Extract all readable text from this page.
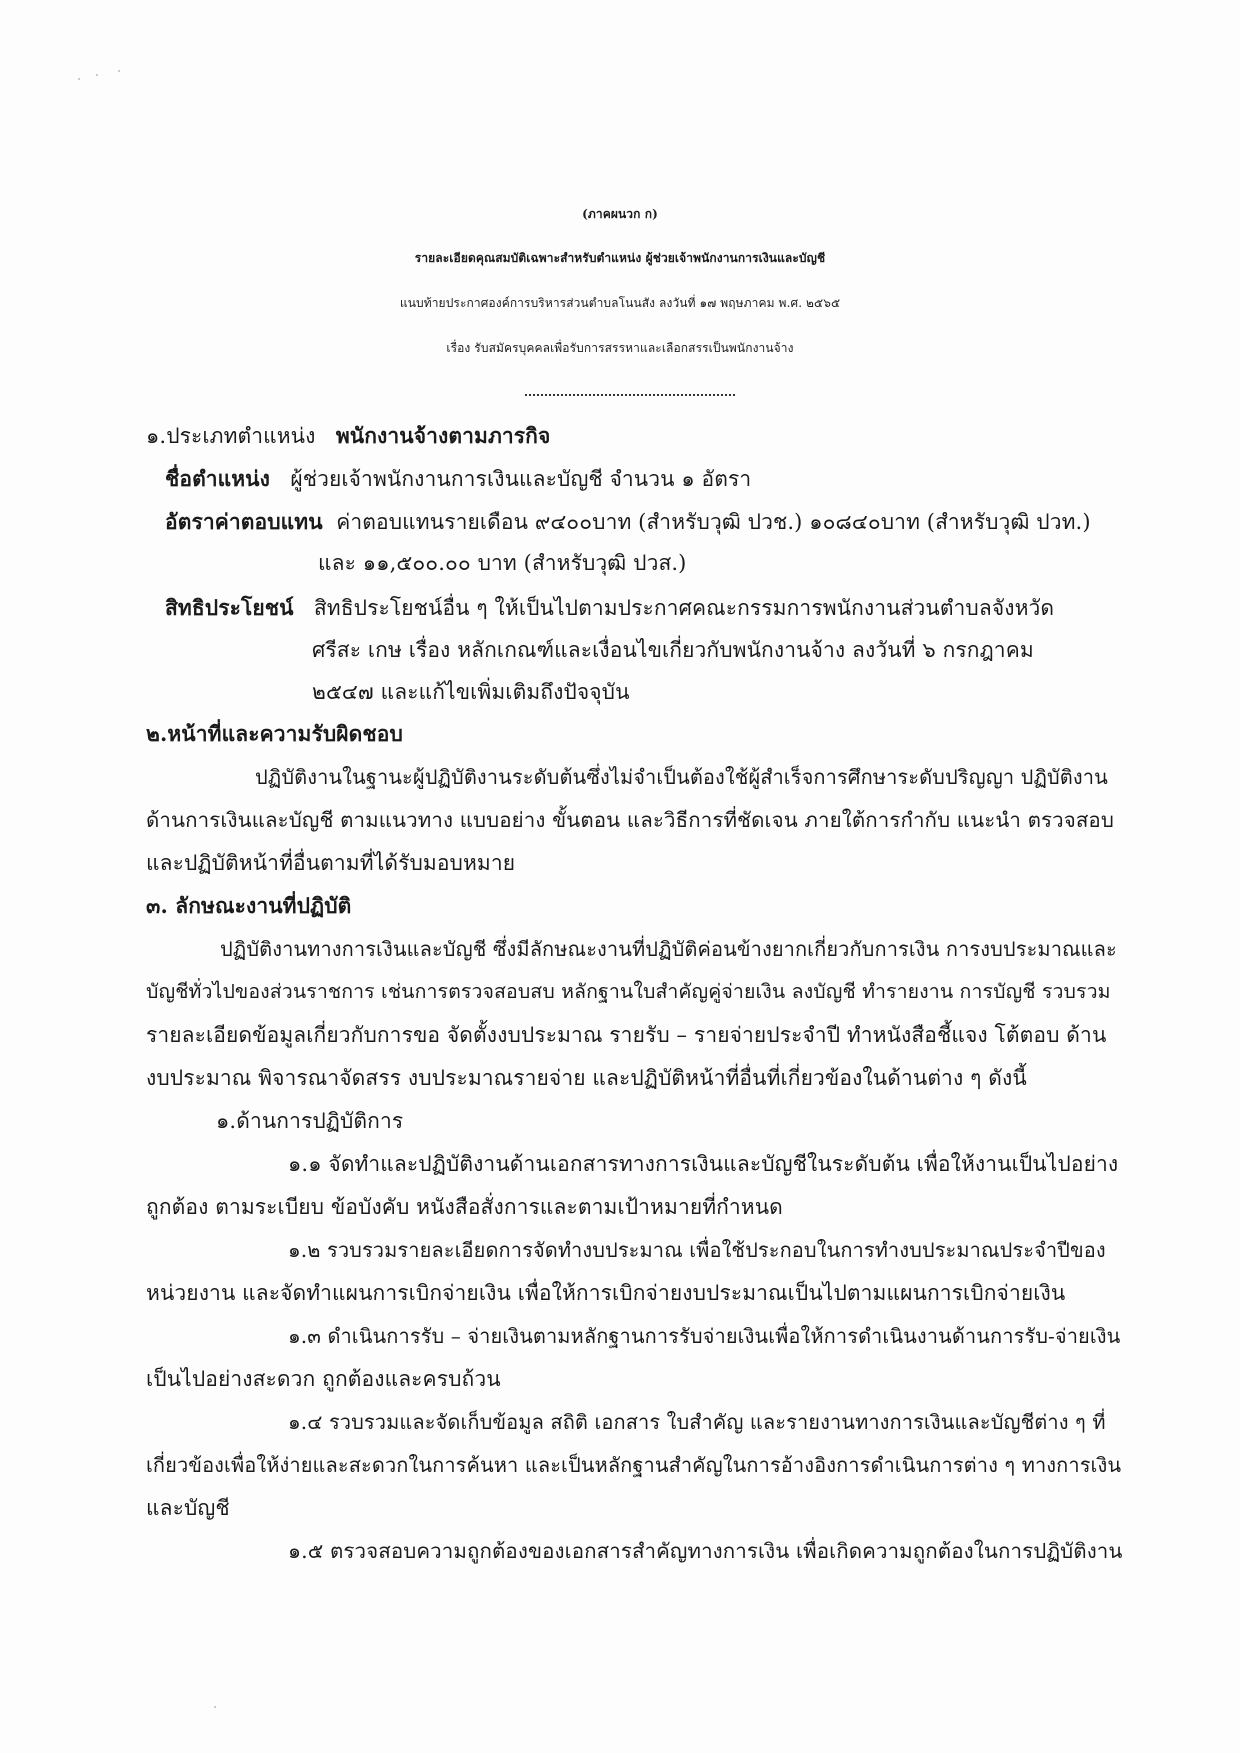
(ภาคผนวก ก)
รายละเอียดคุณสมบัติเฉพาะสำหรับตำแหน่ง ผู้ช่วยเจ้าพนักงานการเงินและบัญชี
แนบท้ายประกาศองค์การบริหารส่วนตำบลโนนสัง ลงวันที่ ๑๗ พฤษภาคม พ.ศ. ๒๕๖๕
เรื่อง รับสมัครบุคคลเพื่อรับการสรรหาและเลือกสรรเป็นพนักงานจ้าง
๑.ประเภทตำแหน่ง พนักงานจ้างตามภารกิจ
ชื่อตำแหน่ง ผู้ช่วยเจ้าพนักงานการเงินและบัญชี จำนวน ๑ อัตรา
อัตราค่าตอบแทน ค่าตอบแทนรายเดือน ๙๔๐๐บาท (สำหรับวุฒิ ปวช.) ๑๐๘๔๐บาท (สำหรับวุฒิ ปวท.)
และ ๑๑,๕๐๐.๐๐ บาท (สำหรับวุฒิ ปวส.)
สิทธิประโยชน์ สิทธิประโยชน์อื่น ๆ ให้เป็นไปตามประกาศคณะกรรมการพนักงานส่วนตำบลจังหวัด
ศรีสะ เกษ เรื่อง หลักเกณฑ์และเงื่อนไขเกี่ยวกับพนักงานจ้าง ลงวันที่ ๖ กรกฎาคม
๒๕๔๗ และแก้ไขเพิ่มเติมถึงปัจจุบัน
๒.หน้าที่และความรับผิดชอบ
ปฏิบัติงานในฐานะผู้ปฏิบัติงานระดับต้นซึ่งไม่จำเป็นต้องใช้ผู้สำเร็จการศึกษาระดับปริญญา ปฏิบัติงาน
ด้านการเงินและบัญชี ตามแนวทาง แบบอย่าง ขั้นตอน และวิธีการที่ชัดเจน ภายใต้การกำกับ แนะนำ ตรวจสอบ
และปฏิบัติหน้าที่อื่นตามที่ได้รับมอบหมาย
๓. ลักษณะงานที่ปฏิบัติ
ปฏิบัติงานทางการเงินและบัญชี ซึ่งมีลักษณะงานที่ปฏิบัติค่อนข้างยากเกี่ยวกับการเงิน การงบประมาณและ
บัญชีทั่วไปของส่วนราชการ เช่นการตรวจสอบสบ หลักฐานใบสำคัญคู่จ่ายเงิน ลงบัญชี ทำรายงาน การบัญชี รวบรวม
รายละเอียดข้อมูลเกี่ยวกับการขอ จัดตั้งงบประมาณ รายรับ – รายจ่ายประจำปี ทำหนังสือชี้แจง โต้ตอบ ด้าน
งบประมาณ พิจารณาจัดสรร งบประมาณรายจ่าย และปฏิบัติหน้าที่อื่นที่เกี่ยวข้องในด้านต่าง ๆ ดังนี้
๑.ด้านการปฏิบัติการ
๑.๑ จัดทำและปฏิบัติงานด้านเอกสารทางการเงินและบัญชีในระดับต้น เพื่อให้งานเป็นไปอย่าง
ถูกต้อง ตามระเบียบ ข้อบังคับ หนังสือสั่งการและตามเป้าหมายที่กำหนด
๑.๒ รวบรวมรายละเอียดการจัดทำงบประมาณ เพื่อใช้ประกอบในการทำงบประมาณประจำปีของ
หน่วยงาน และจัดทำแผนการเบิกจ่ายเงิน เพื่อให้การเบิกจ่ายงบประมาณเป็นไปตามแผนการเบิกจ่ายเงิน
๑.๓ ดำเนินการรับ – จ่ายเงินตามหลักฐานการรับจ่ายเงินเพื่อให้การดำเนินงานด้านการรับ-จ่ายเงิน
เป็นไปอย่างสะดวก ถูกต้องและครบถ้วน
๑.๔ รวบรวมและจัดเก็บข้อมูล สถิติ เอกสาร ใบสำคัญ และรายงานทางการเงินและบัญชีต่าง ๆ ที่
เกี่ยวข้องเพื่อให้ง่ายและสะดวกในการค้นหา และเป็นหลักฐานสำคัญในการอ้างอิงการดำเนินการต่าง ๆ ทางการเงิน
และบัญชี
๑.๕ ตรวจสอบความถูกต้องของเอกสารสำคัญทางการเงิน เพื่อเกิดความถูกต้องในการปฏิบัติงาน
